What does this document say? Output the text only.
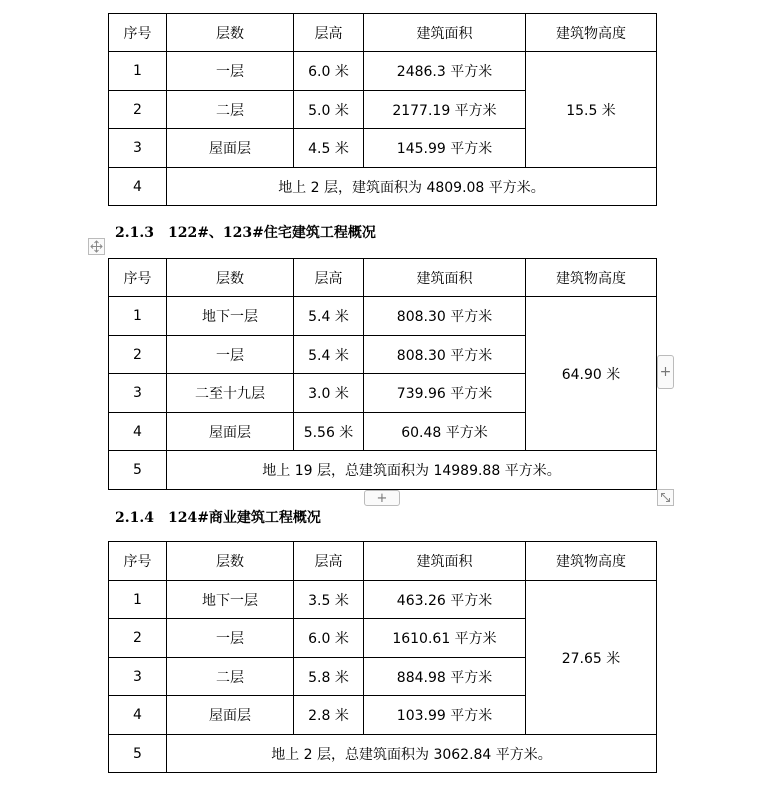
序号	层数	层高	建筑面积	建筑物高度
1	一层	6.0 米	2486.3 平方米	15.5 米
2	二层	5.0 米	2177.19 平方米	
3	屋面层	4.5 米	145.99 平方米	
4	地上 2 层，建筑面积为 4809.08 平方米。			
2.1.3　122#、123#住宅建筑工程概况
序号	层数	层高	建筑面积	建筑物高度
1	地下一层	5.4 米	808.30 平方米	64.90 米
2	一层	5.4 米	808.30 平方米	
3	二至十九层	3.0 米	739.96 平方米	
4	屋面层	5.56 米	60.48 平方米	
5	地上 19 层，总建筑面积为 14989.88 平方米。			
+
+
2.1.4　124#商业建筑工程概况
序号	层数	层高	建筑面积	建筑物高度
1	地下一层	3.5 米	463.26 平方米	27.65 米
2	一层	6.0 米	1610.61 平方米	
3	二层	5.8 米	884.98 平方米	
4	屋面层	2.8 米	103.99 平方米	
5	地上 2 层，总建筑面积为 3062.84 平方米。			
